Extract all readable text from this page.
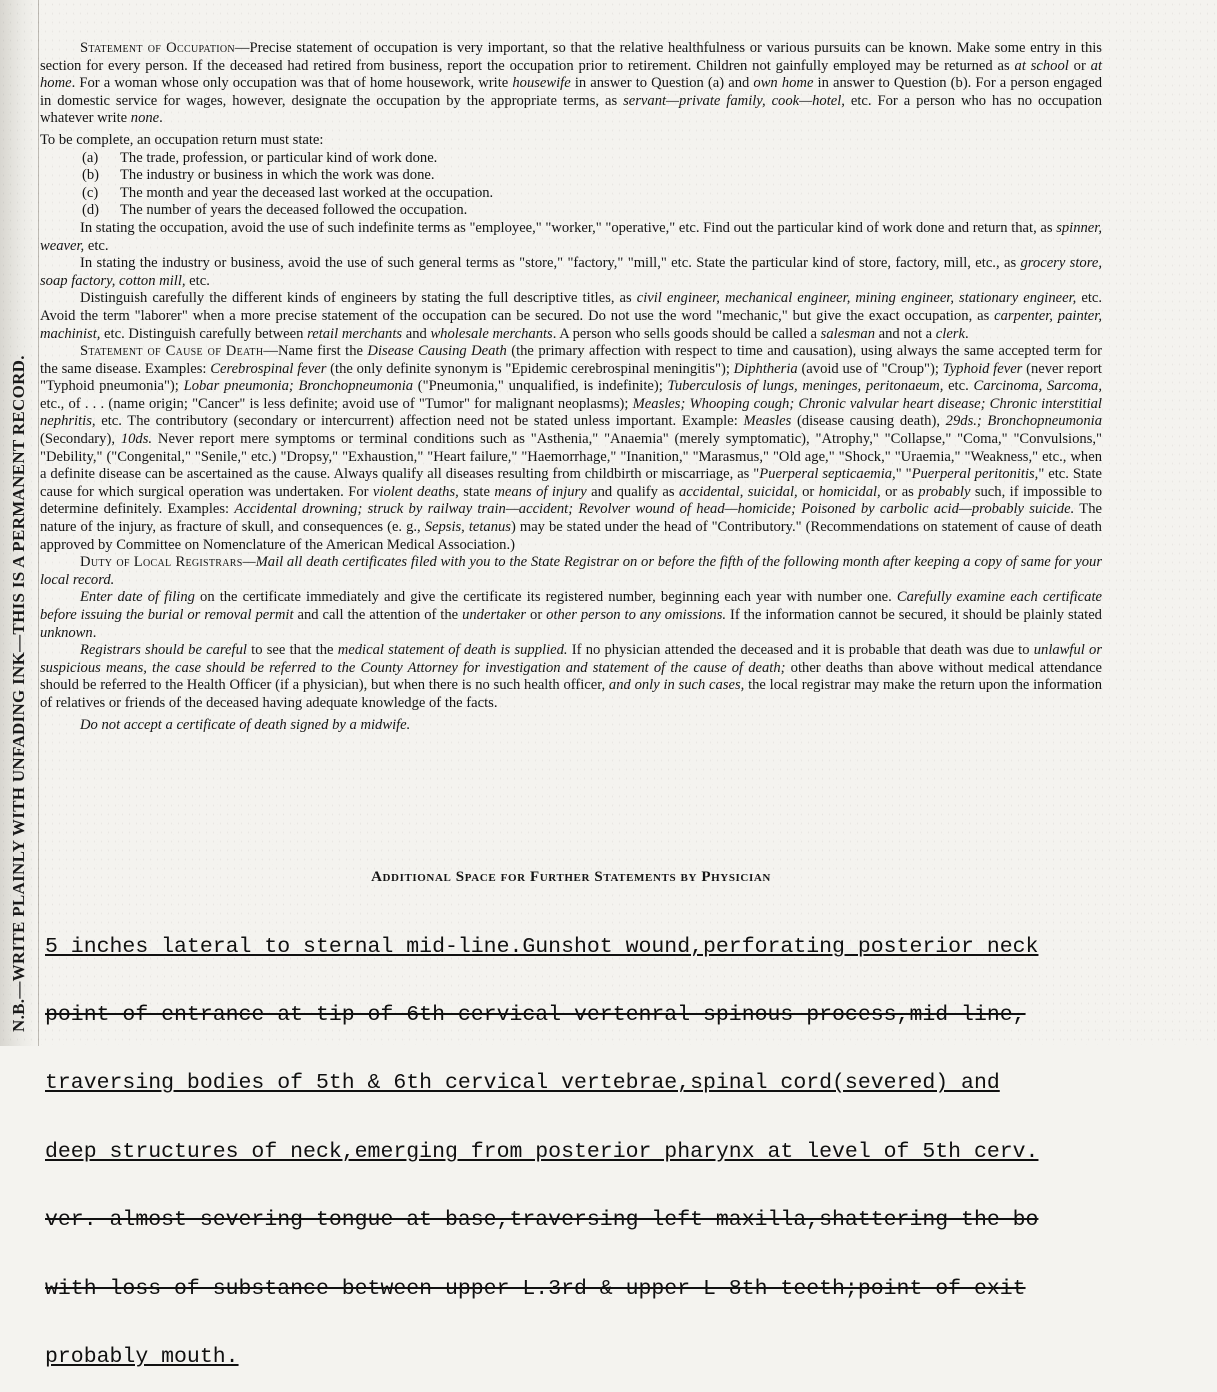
N.B.—WRITE PLAINLY WITH UNFADING INK—THIS IS A PERMANENT RECORD.

Statement of Occupation—Precise statement of occupation is very important, so that the relative healthfulness or various pursuits can be known. Make some entry in this section for every person. If the deceased had retired from business, report the occupation prior to retirement. Children not gainfully employed may be returned as at school or at home. For a woman whose only occupation was that of home housework, write housewife in answer to Question (a) and own home in answer to Question (b). For a person engaged in domestic service for wages, however, designate the occupation by the appropriate terms, as servant—private family, cook—hotel, etc. For a person who has no occupation whatever write none.

To be complete, an occupation return must state:

(a) The trade, profession, or particular kind of work done.
(b) The industry or business in which the work was done.
(c) The month and year the deceased last worked at the occupation.
(d) The number of years the deceased followed the occupation.

In stating the occupation, avoid the use of such indefinite terms as "employee," "worker," "operative," etc. Find out the particular kind of work done and return that, as spinner, weaver, etc.

In stating the industry or business, avoid the use of such general terms as "store," "factory," "mill," etc. State the particular kind of store, factory, mill, etc., as grocery store, soap factory, cotton mill, etc.

Distinguish carefully the different kinds of engineers by stating the full descriptive titles, as civil engineer, mechanical engineer, mining engineer, stationary engineer, etc. Avoid the term "laborer" when a more precise statement of the occupation can be secured. Do not use the word "mechanic," but give the exact occupation, as carpenter, painter, machinist, etc. Distinguish carefully between retail merchants and wholesale merchants. A person who sells goods should be called a salesman and not a clerk.

Statement of Cause of Death—Name first the Disease Causing Death (the primary affection with respect to time and causation), using always the same accepted term for the same disease. Examples: Cerebrospinal fever (the only definite synonym is "Epidemic cerebrospinal meningitis"); Diphtheria (avoid use of "Croup"); Typhoid fever (never report "Typhoid pneumonia"); Lobar pneumonia; Bronchopneumonia ("Pneumonia," unqualified, is indefinite); Tuberculosis of lungs, meninges, peritonaeum, etc. Carcinoma, Sarcoma, etc., of . . . (name origin; "Cancer" is less definite; avoid use of "Tumor" for malignant neoplasms); Measles; Whooping cough; Chronic valvular heart disease; Chronic interstitial nephritis, etc. The contributory (secondary or intercurrent) affection need not be stated unless important. Example: Measles (disease causing death), 29ds.; Bronchopneumonia (Secondary), 10ds. Never report mere symptoms or terminal conditions such as "Asthenia," "Anaemia" (merely symptomatic), "Atrophy," "Collapse," "Coma," "Convulsions," "Debility," ("Congenital," "Senile," etc.) "Dropsy," "Exhaustion," "Heart failure," "Haemorrhage," "Inanition," "Marasmus," "Old age," "Shock," "Uraemia," "Weakness," etc., when a definite disease can be ascertained as the cause. Always qualify all diseases resulting from childbirth or miscarriage, as "Puerperal septicaemia," "Puerperal peritonitis," etc. State cause for which surgical operation was undertaken. For violent deaths, state means of injury and qualify as accidental, suicidal, or homicidal, or as probably such, if impossible to determine definitely. Examples: Accidental drowning; struck by railway train—accident; Revolver wound of head—homicide; Poisoned by carbolic acid—probably suicide. The nature of the injury, as fracture of skull, and consequences (e. g., Sepsis, tetanus) may be stated under the head of "Contributory." (Recommendations on statement of cause of death approved by Committee on Nomenclature of the American Medical Association.)

Duty of Local Registrars—Mail all death certificates filed with you to the State Registrar on or before the fifth of the following month after keeping a copy of same for your local record.

Enter date of filing on the certificate immediately and give the certificate its registered number, beginning each year with number one. Carefully examine each certificate before issuing the burial or removal permit and call the attention of the undertaker or other person to any omissions. If the information cannot be secured, it should be plainly stated unknown.

Registrars should be careful to see that the medical statement of death is supplied. If no physician attended the deceased and it is probable that death was due to unlawful or suspicious means, the case should be referred to the County Attorney for investigation and statement of the cause of death; other deaths than above without medical attendance should be referred to the Health Officer (if a physician), but when there is no such health officer, and only in such cases, the local registrar may make the return upon the information of relatives or friends of the deceased having adequate knowledge of the facts.

Do not accept a certificate of death signed by a midwife.

Additional Space for Further Statements by Physician

5 inches lateral to sternal mid-line.Gunshot wound,perforating posterior neck

point of entrance at tip of 6th cervical vertenral spinous process,mid-line,

traversing bodies of 5th & 6th cervical vertebrae,spinal cord(severed) and

deep structures of neck,emerging from posterior pharynx at level of 5th cerv.

ver. almost severing tongue at base,traversing left maxilla,shattering the bo

with loss of substance between upper L.3rd & upper L 8th teeth;point of exit

probably mouth.
